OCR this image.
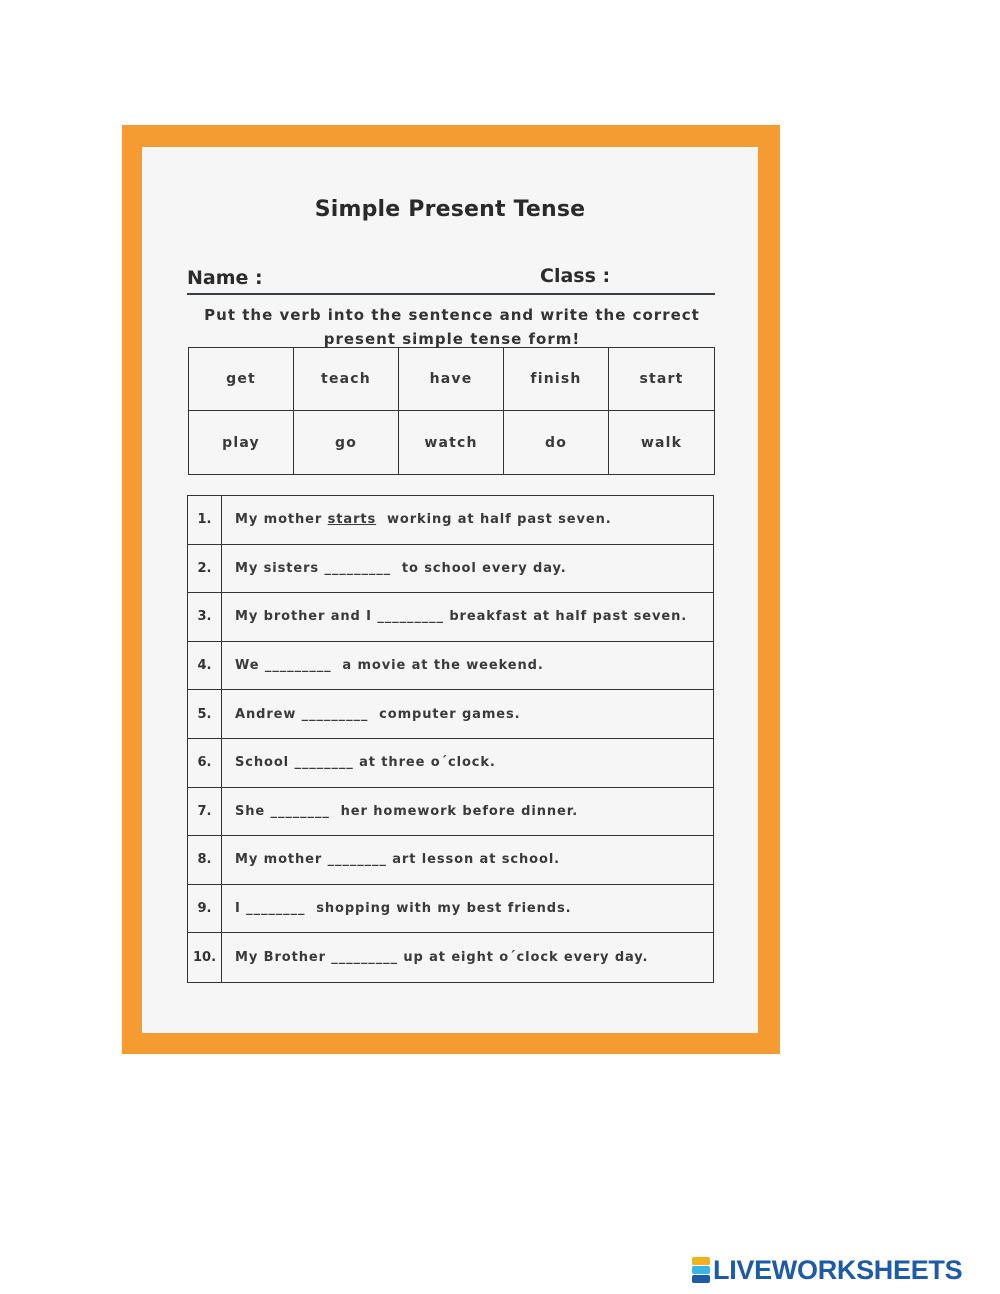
Simple Present Tense
Name :	Class :
Put the verb into the sentence and write the correct
present simple tense form!
get	teach	have	finish	start
play	go	watch	do	walk
1.	My mother starts working at half past seven.
2.	My sisters _________  to school every day.
3.	My brother and I _________ breakfast at half past seven.
4.	We _________  a movie at the weekend.
5.	Andrew _________  computer games.
6.	School ________ at three o´clock.
7.	She ________  her homework before dinner.
8.	My mother ________ art lesson at school.
9.	I ________  shopping with my best friends.
10.	My Brother _________ up at eight o´clock every day.
LIVEWORKSHEETS
